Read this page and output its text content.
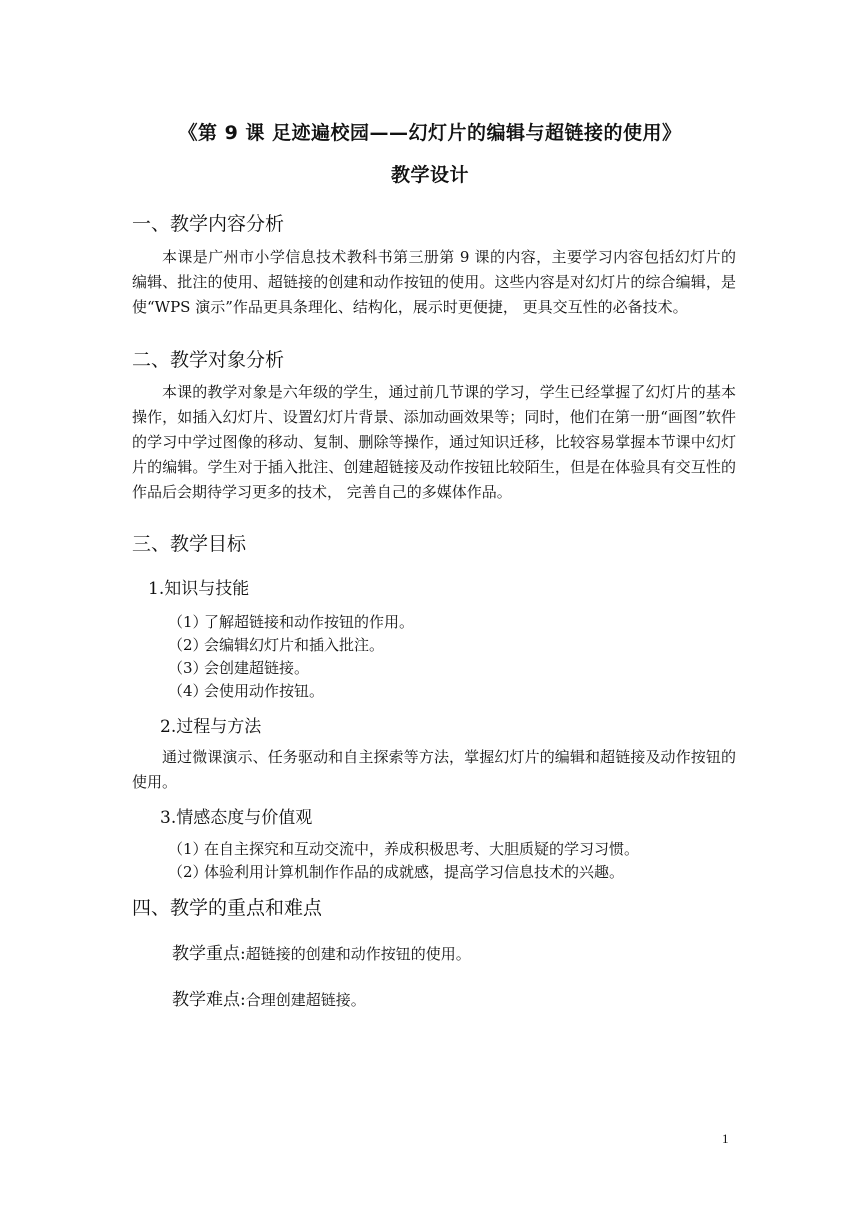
《第 9 课 足迹遍校园——幻灯片的编辑与超链接的使用》
教学设计
一、教学内容分析
本课是广州市小学信息技术教科书第三册第 9 课的内容，主要学习内容包括幻灯片的编辑、批注的使用、超链接的创建和动作按钮的使用。这些内容是对幻灯片的综合编辑，是使“WPS 演示”作品更具条理化、结构化，展示时更便捷， 更具交互性的必备技术。
二、教学对象分析
本课的教学对象是六年级的学生，通过前几节课的学习，学生已经掌握了幻灯片的基本操作，如插入幻灯片、设置幻灯片背景、添加动画效果等；同时，他们在第一册“画图”软件的学习中学过图像的移动、复制、删除等操作，通过知识迁移，比较容易掌握本节课中幻灯片的编辑。学生对于插入批注、创建超链接及动作按钮比较陌生，但是在体验具有交互性的作品后会期待学习更多的技术， 完善自己的多媒体作品。
三、教学目标
1.知识与技能
（1）了解超链接和动作按钮的作用。
（2）会编辑幻灯片和插入批注。
（3）会创建超链接。
（4）会使用动作按钮。
2.过程与方法
通过微课演示、任务驱动和自主探索等方法，掌握幻灯片的编辑和超链接及动作按钮的使用。
3.情感态度与价值观
（1）在自主探究和互动交流中，养成积极思考、大胆质疑的学习习惯。
（2）体验利用计算机制作作品的成就感，提高学习信息技术的兴趣。
四、教学的重点和难点
教学重点:超链接的创建和动作按钮的使用。
教学难点:合理创建超链接。
1
